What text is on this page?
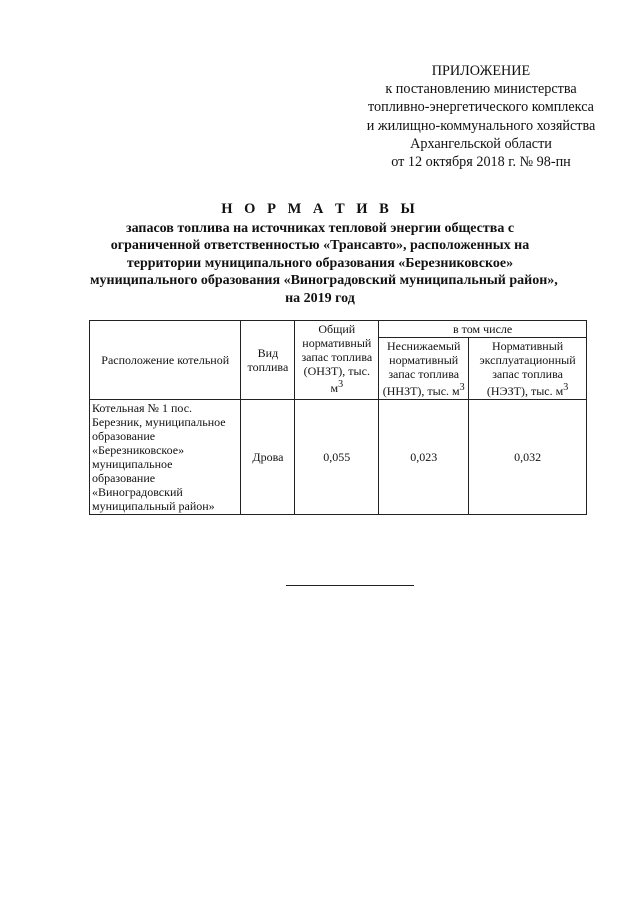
ПРИЛОЖЕНИЕ
к постановлению министерства
топливно-энергетического комплекса
и жилищно-коммунального хозяйства
Архангельской области
от 12 октября 2018 г. № 98-пн
Н О Р М А Т И В Ы
запасов топлива на источниках тепловой энергии общества с
ограниченной ответственностью «Трансавто», расположенных на
территории муниципального образования «Березниковское»
муниципального образования «Виноградовский муниципальный район»,
на 2019 год
Расположение котельной	Вид топлива	Общий нормативный запас топлива (ОНЗТ), тыс. $м^3$	в том числе	
			Неснижаемый нормативный запас топлива (ННЗТ), тыс. $м^3$	Нормативный эксплуатационный запас топлива (НЭЗТ), тыс. $м^3$
Котельная № 1 пос. Березник, муниципальное образование «Березниковское» муниципальное образование «Виноградовский муниципальный район»	Дрова	0,055	0,023	0,032
